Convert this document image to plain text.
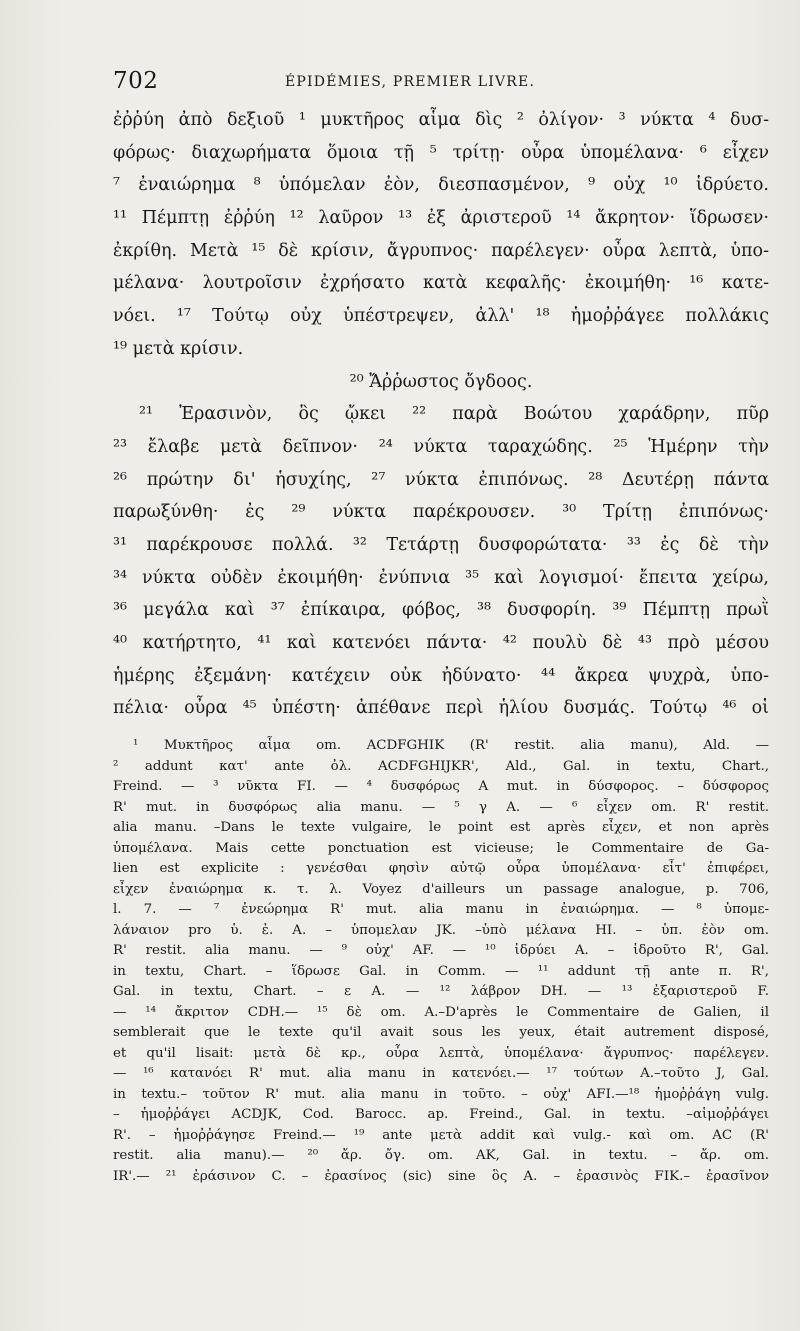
702	ÉPIDÉMIES, PREMIER LIVRE.
ἐῤῥύη ἀπὸ δεξιοῦ ¹ μυκτῆρος αἷμα δὶς ² ὀλίγον· ³ νύκτα ⁴ δυσ-
φόρως· διαχωρήματα ὅμοια τῇ ⁵ τρίτῃ· οὖρα ὑπομέλανα· ⁶ εἶχεν
⁷ ἐναιώρημα ⁸ ὑπόμελαν ἐὸν, διεσπασμένον, ⁹ οὐχ ¹⁰ ἱδρύετο.
¹¹ Πέμπτῃ ἐῤῥύη ¹² λαῦρον ¹³ ἐξ ἀριστεροῦ ¹⁴ ἄκρητον· ἵδρωσεν·
ἐκρίθη. Μετὰ ¹⁵ δὲ κρίσιν, ἄγρυπνος· παρέλεγεν· οὖρα λεπτὰ, ὑπο-
μέλανα· λουτροῖσιν ἐχρήσατο κατὰ κεφαλῆς· ἐκοιμήθη· ¹⁶ κατε-
νόει. ¹⁷ Τούτῳ οὐχ ὑπέστρεψεν, ἀλλ' ¹⁸ ἡμοῤῥάγεε πολλάκις
¹⁹ μετὰ κρίσιν.
²⁰ Ἄῤῥωστος ὄγδοος.
²¹ Ἐρασινὸν, ὃς ᾤκει ²² παρὰ Βοώτου χαράδρην, πῦρ
²³ ἔλαβε μετὰ δεῖπνον· ²⁴ νύκτα ταραχώδης. ²⁵ Ἡμέρην τὴν
²⁶ πρώτην δι' ἡσυχίης, ²⁷ νύκτα ἐπιπόνως. ²⁸ Δευτέρῃ πάντα
παρωξύνθη· ἐς ²⁹ νύκτα παρέκρουσεν. ³⁰ Τρίτῃ ἐπιπόνως·
³¹ παρέκρουσε πολλά. ³² Τετάρτῃ δυσφορώτατα· ³³ ἐς δὲ τὴν
³⁴ νύκτα οὐδὲν ἐκοιμήθη· ἐνύπνια ³⁵ καὶ λογισμοί· ἔπειτα χείρω,
³⁶ μεγάλα καὶ ³⁷ ἐπίκαιρα, φόβος, ³⁸ δυσφορίη. ³⁹ Πέμπτῃ πρωῒ
⁴⁰ κατήρτητο, ⁴¹ καὶ κατενόει πάντα· ⁴² πουλὺ δὲ ⁴³ πρὸ μέσου
ἡμέρης ἐξεμάνη· κατέχειν οὐκ ἠδύνατο· ⁴⁴ ἄκρεα ψυχρὰ, ὑπο-
πέλια· οὖρα ⁴⁵ ὑπέστη· ἀπέθανε περὶ ἡλίου δυσμάς. Τούτῳ ⁴⁶ οἱ
¹ Μυκτῆρος αἷμα om. ACDFGHIK (R' restit. alia manu), Ald. —
² addunt κατ' ante ὀλ. ACDFGHIJKR', Ald., Gal. in textu, Chart.,
Freind. — ³ νῦκτα FI. — ⁴ δυσφόρως A mut. in δύσφορος. – δύσφορος
R' mut. in δυσφόρως alia manu. — ⁵ γ A. — ⁶ εἶχεν om. R' restit.
alia manu. –Dans le texte vulgaire, le point est après εἶχεν, et non après
ὑπομέλανα. Mais cette ponctuation est vicieuse; le Commentaire de Ga-
lien est explicite : γενέσθαι φησὶν αὐτῷ οὖρα ὑπομέλανα· εἶτ' ἐπιφέρει,
εἶχεν ἐναιώρημα κ. τ. λ. Voyez d'ailleurs un passage analogue, p. 706,
l. 7. — ⁷ ἐνεώρημα R' mut. alia manu in ἐναιώρημα. — ⁸ ὑπομε-
λάναιον pro ὑ. ἐ. A. – ὑπομελαν JK. –ὑπὸ μέλανα HI. – ὑπ. ἐὸν om.
R' restit. alia manu. — ⁹ οὐχ' AF. — ¹⁰ ἱδρύει A. – ἱδροῦτο R', Gal.
in textu, Chart. – ἵδρωσε Gal. in Comm. — ¹¹ addunt τῇ ante π. R',
Gal. in textu, Chart. – ε A. — ¹² λάβρον DH. — ¹³ ἐξαριστεροῦ F.
— ¹⁴ ἄκριτον CDH.— ¹⁵ δὲ om. A.–D'après le Commentaire de Galien, il
semblerait que le texte qu'il avait sous les yeux, était autrement disposé,
et qu'il lisait: μετὰ δὲ κρ., οὖρα λεπτὰ, ὑπομέλανα· ἄγρυπνος· παρέλεγεν.
— ¹⁶ κατανόει R' mut. alia manu in κατενόει.— ¹⁷ τούτων A.–τοῦτο J, Gal.
in textu.– τοῦτον R' mut. alia manu in τοῦτο. – οὐχ' AFI.—¹⁸ ἡμοῤῥάγη vulg.
– ἡμοῤῥάγει ACDJK, Cod. Barocc. ap. Freind., Gal. in textu. –αἱμοῤῥάγει
R'. – ἡμοῤῥάγησε Freind.— ¹⁹ ante μετὰ addit καὶ vulg.- καὶ om. AC (R'
restit. alia manu).— ²⁰ ἄρ. ὄγ. om. AK, Gal. in textu. – ἄρ. om.
IR'.— ²¹ ἐράσινον C. – ἐρασίνος (sic) sine ὃς A. – ἐρασινὸς FIK.– ἐρασῖνον
